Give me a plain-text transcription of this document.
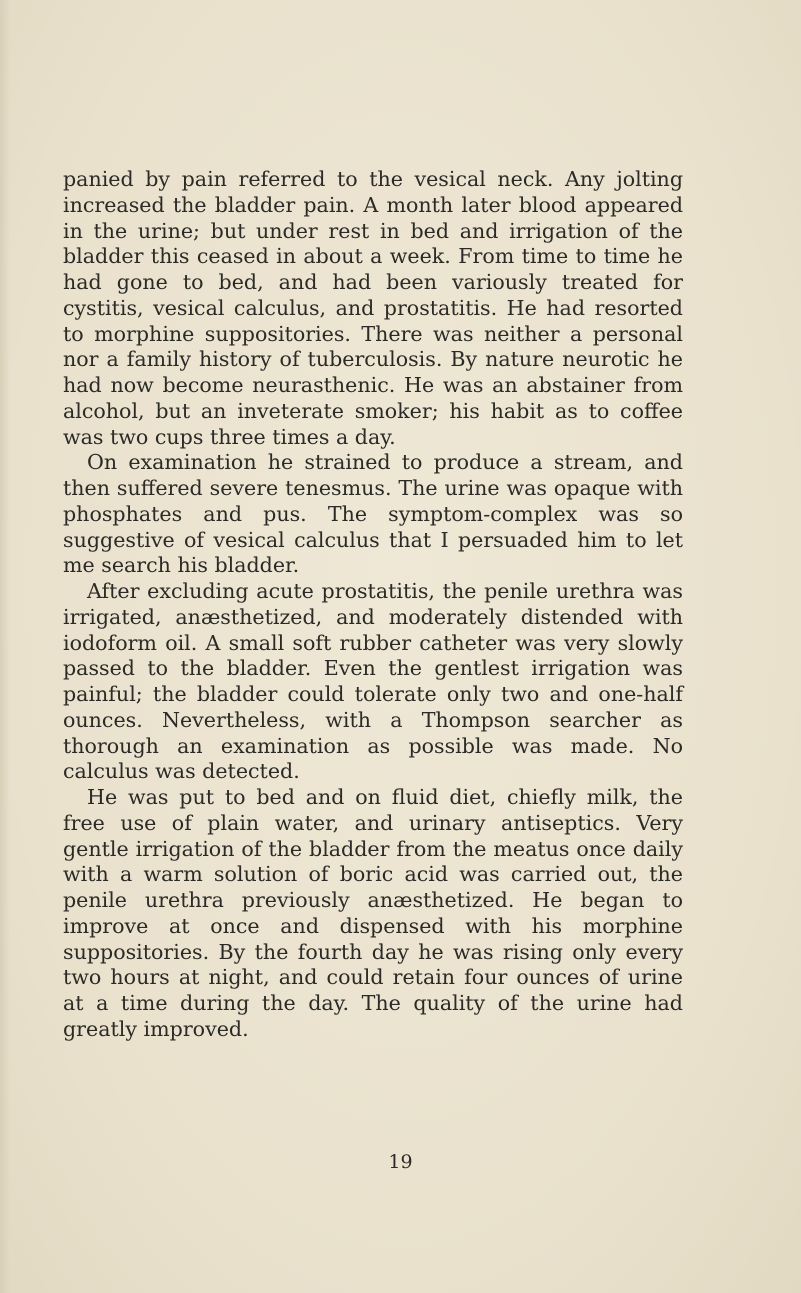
panied by pain referred to the vesical neck. Any jolting increased the bladder pain. A month later blood appeared in the urine; but under rest in bed and irrigation of the bladder this ceased in about a week. From time to time he had gone to bed, and had been variously treated for cystitis, vesical calculus, and prostatitis. He had resorted to morphine suppositories. There was neither a personal nor a family history of tuberculosis. By nature neurotic he had now become neurasthenic. He was an abstainer from alcohol, but an inveterate smoker; his habit as to coffee was two cups three times a day.

On examination he strained to produce a stream, and then suffered severe tenesmus. The urine was opaque with phosphates and pus. The symptom-complex was so suggestive of vesical calculus that I persuaded him to let me search his bladder.

After excluding acute prostatitis, the penile urethra was irrigated, anæsthetized, and moderately distended with iodoform oil. A small soft rubber catheter was very slowly passed to the bladder. Even the gentlest irrigation was painful; the bladder could tolerate only two and one-half ounces. Nevertheless, with a Thompson searcher as thorough an examination as possible was made. No calculus was detected.

He was put to bed and on fluid diet, chiefly milk, the free use of plain water, and urinary antiseptics. Very gentle irrigation of the bladder from the meatus once daily with a warm solution of boric acid was carried out, the penile urethra previously anæsthetized. He began to improve at once and dispensed with his morphine suppositories. By the fourth day he was rising only every two hours at night, and could retain four ounces of urine at a time during the day. The quality of the urine had greatly improved.

19
